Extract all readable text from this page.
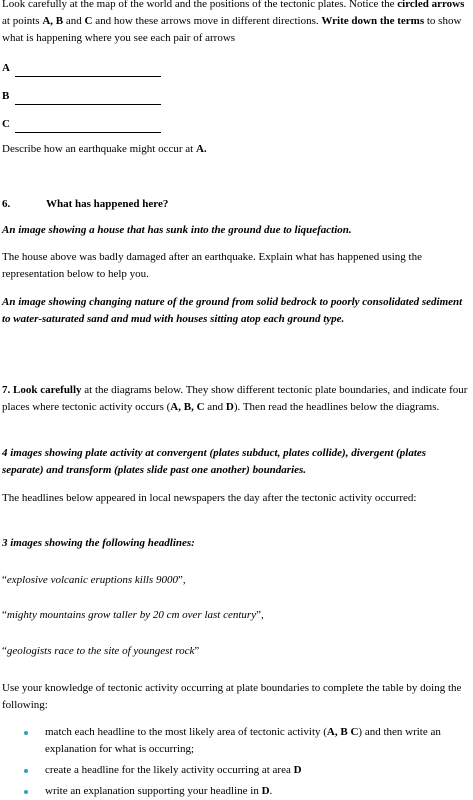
Look carefully at the map of the world and the positions of the tectonic plates. Notice the circled arrows at points A, B and C and how these arrows move in different directions. Write down the terms to show what is happening where you see each pair of arrows

A
B
C

Describe how an earthquake might occur at A.

6.	What has happened here?

An image showing a house that has sunk into the ground due to liquefaction.

The house above was badly damaged after an earthquake. Explain what has happened using the representation below to help you.

An image showing changing nature of the ground from solid bedrock to poorly consolidated sediment to water-saturated sand and mud with houses sitting atop each ground type.

7. Look carefully at the diagrams below. They show different tectonic plate boundaries, and indicate four places where tectonic activity occurs (A, B, C and D). Then read the headlines below the diagrams.

4 images showing plate activity at convergent (plates subduct, plates collide), divergent (plates separate) and transform (plates slide past one another) boundaries.

The headlines below appeared in local newspapers the day after the tectonic activity occurred:

3 images showing the following headlines:

“explosive volcanic eruptions kills 9000”,

“mighty mountains grow taller by 20 cm over last century”,

“geologists race to the site of youngest rock”

Use your knowledge of tectonic activity occurring at plate boundaries to complete the table by doing the following:

match each headline to the most likely area of tectonic activity (A, B C) and then write an explanation for what is occurring;
create a headline for the likely activity occurring at area D
write an explanation supporting your headline in D.
